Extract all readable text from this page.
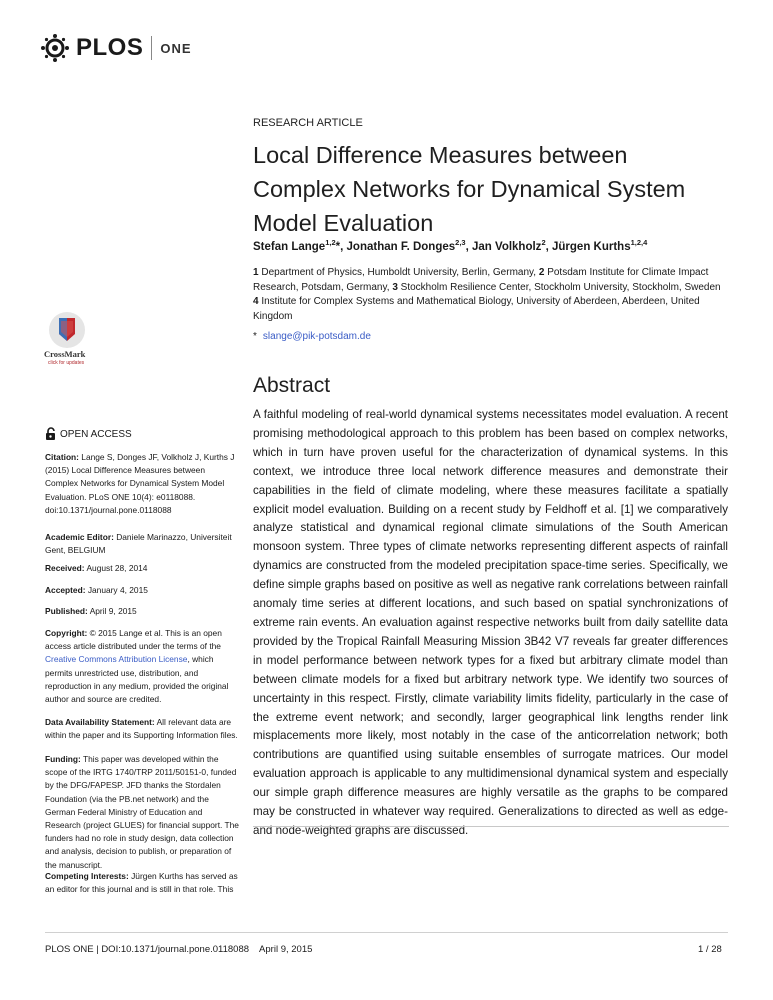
PLOS ONE
RESEARCH ARTICLE
Local Difference Measures between Complex Networks for Dynamical System Model Evaluation
Stefan Lange$^{1,2}$*, Jonathan F. Donges$^{2,3}$, Jan Volkholz$^2$, Jürgen Kurths$^{1,2,4}$
1 Department of Physics, Humboldt University, Berlin, Germany, 2 Potsdam Institute for Climate Impact Research, Potsdam, Germany, 3 Stockholm Resilience Center, Stockholm University, Stockholm, Sweden
4 Institute for Complex Systems and Mathematical Biology, University of Aberdeen, Aberdeen, United Kingdom
* slange@pik-potsdam.de
Abstract
A faithful modeling of real-world dynamical systems necessitates model evaluation. A recent promising methodological approach to this problem has been based on complex networks, which in turn have proven useful for the characterization of dynamical systems. In this context, we introduce three local network difference measures and demonstrate their capabilities in the field of climate modeling, where these measures facilitate a spatially explicit model evaluation. Building on a recent study by Feldhoff et al. [1] we comparatively analyze statistical and dynamical regional climate simulations of the South American monsoon system. Three types of climate networks representing different aspects of rainfall dynamics are constructed from the modeled precipitation space-time series. Specifically, we define simple graphs based on positive as well as negative rank correlations between rainfall anomaly time series at different locations, and such based on spatial synchronizations of extreme rain events. An evaluation against respective networks built from daily satellite data provided by the Tropical Rainfall Measuring Mission 3B42 V7 reveals far greater differences in model performance between network types for a fixed but arbitrary climate model than between climate models for a fixed but arbitrary network type. We identify two sources of uncertainty in this respect. Firstly, climate variability limits fidelity, particularly in the case of the extreme event network; and secondly, larger geographical link lengths render link misplacements more likely, most notably in the case of the anticorrelation network; both contributions are quantified using suitable ensembles of surrogate matrices. Our model evaluation approach is applicable to any multidimensional dynamical system and especially our simple graph difference measures are highly versatile as the graphs to be compared may be constructed in whatever way required. Generalizations to directed as well as edge- and node-weighted graphs are discussed.
CrossMark
click for updates
OPEN ACCESS
Citation: Lange S, Donges JF, Volkholz J, Kurths J (2015) Local Difference Measures between Complex Networks for Dynamical System Model Evaluation. PLoS ONE 10(4): e0118088. doi:10.1371/journal.pone.0118088
Academic Editor: Daniele Marinazzo, Universiteit Gent, BELGIUM
Received: August 28, 2014
Accepted: January 4, 2015
Published: April 9, 2015
Copyright: © 2015 Lange et al. This is an open access article distributed under the terms of the Creative Commons Attribution License, which permits unrestricted use, distribution, and reproduction in any medium, provided the original author and source are credited.
Data Availability Statement: All relevant data are within the paper and its Supporting Information files.
Funding: This paper was developed within the scope of the IRTG 1740/TRP 2011/50151-0, funded by the DFG/FAPESP. JFD thanks the Stordalen Foundation (via the PB.net network) and the German Federal Ministry of Education and Research (project GLUES) for financial support. The funders had no role in study design, data collection and analysis, decision to publish, or preparation of the manuscript.
Competing Interests: Jürgen Kurths has served as an editor for this journal and is still in that role. This
PLOS ONE | DOI:10.1371/journal.pone.0118088 April 9, 2015	1 / 28
